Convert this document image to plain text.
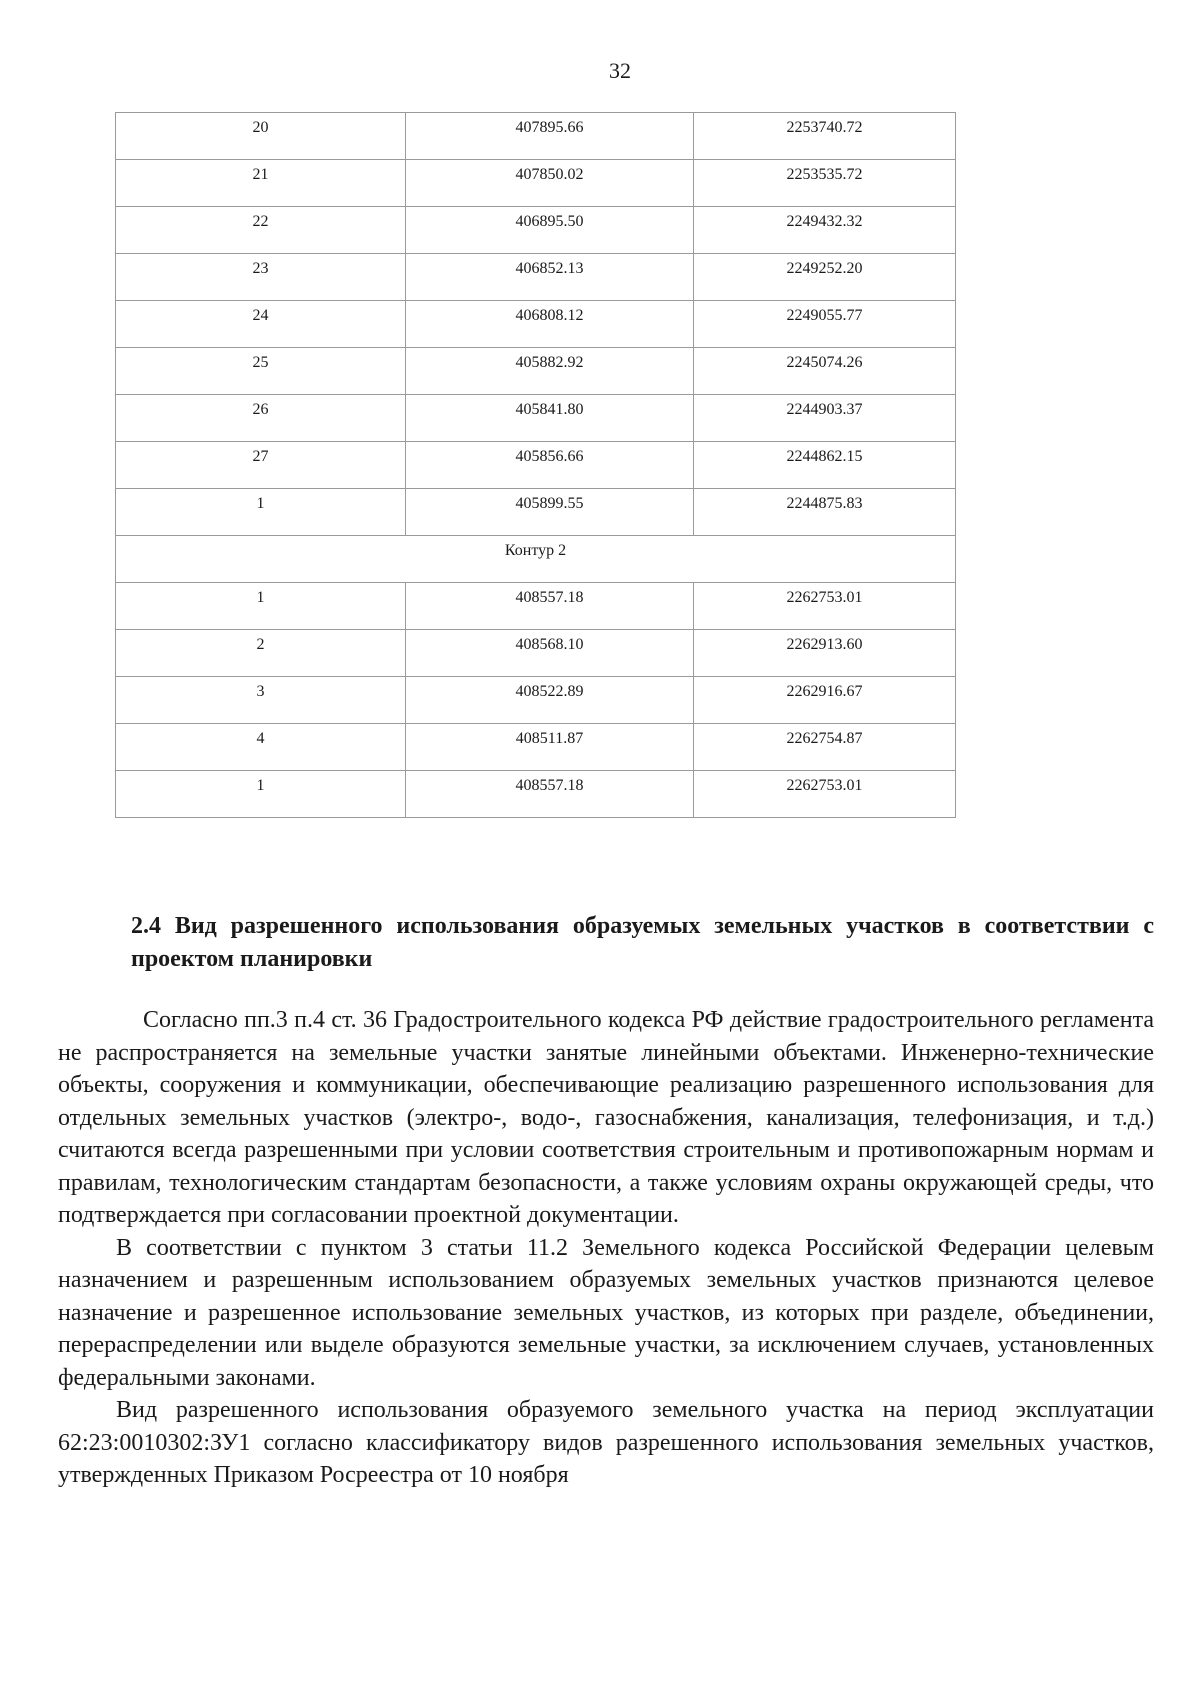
32
20	407895.66	2253740.72
21	407850.02	2253535.72
22	406895.50	2249432.32
23	406852.13	2249252.20
24	406808.12	2249055.77
25	405882.92	2245074.26
26	405841.80	2244903.37
27	405856.66	2244862.15
1	405899.55	2244875.83
Контур 2		
1	408557.18	2262753.01
2	408568.10	2262913.60
3	408522.89	2262916.67
4	408511.87	2262754.87
1	408557.18	2262753.01
2.4 Вид разрешенного использования образуемых земельных участков в соответствии с проектом планировки

Согласно пп.3 п.4 ст. 36 Градостроительного кодекса РФ действие градостроительного регламента не распространяется на земельные участки занятые линейными объектами. Инженерно-технические объекты, сооружения и коммуникации, обеспечивающие реализацию разрешенного использования для отдельных земельных участков (электро-, водо-, газоснабжения, канализация, телефонизация, и т.д.) считаются всегда разрешенными при условии соответствия строительным и противопожарным нормам и правилам, технологическим стандартам безопасности, а также условиям охраны окружающей среды, что подтверждается при согласовании проектной документации.

В соответствии с пунктом 3 статьи 11.2 Земельного кодекса Российской Федерации целевым назначением и разрешенным использованием образуемых земельных участков признаются целевое назначение и разрешенное использование земельных участков, из которых при разделе, объединении, перераспределении или выделе образуются земельные участки, за исключением случаев, установленных федеральными законами.

Вид разрешенного использования образуемого земельного участка на период эксплуатации 62:23:0010302:ЗУ1 согласно классификатору видов разрешенного использования земельных участков, утвержденных Приказом Росреестра от 10 ноября
